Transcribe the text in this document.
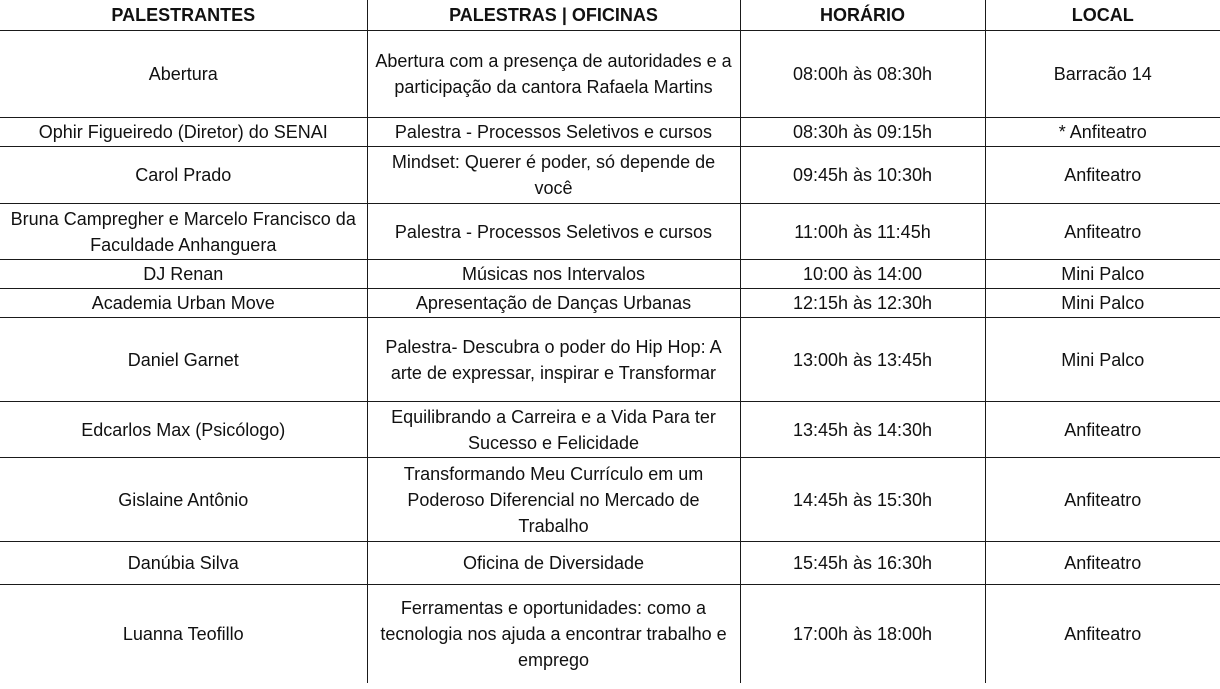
PALESTRANTES	PALESTRAS | OFICINAS	HORÁRIO	LOCAL
Abertura	Abertura com a presença de autoridades e a participação da cantora Rafaela Martins	08:00h às 08:30h	Barracão 14
Ophir Figueiredo (Diretor) do SENAI	Palestra - Processos Seletivos e cursos	08:30h às 09:15h	* Anfiteatro
Carol Prado	Mindset: Querer é poder, só depende de você	09:45h às 10:30h	Anfiteatro
Bruna Campregher e Marcelo Francisco da Faculdade Anhanguera	Palestra - Processos Seletivos e cursos	11:00h às 11:45h	Anfiteatro
DJ Renan	Músicas nos Intervalos	10:00 às 14:00	Mini Palco
Academia Urban Move	Apresentação de Danças Urbanas	12:15h às 12:30h	Mini Palco
Daniel Garnet	Palestra- Descubra o poder do Hip Hop: A arte de expressar, inspirar e Transformar	13:00h às 13:45h	Mini Palco
Edcarlos Max (Psicólogo)	Equilibrando a Carreira e a Vida Para ter Sucesso e Felicidade	13:45h às 14:30h	Anfiteatro
Gislaine Antônio	Transformando Meu Currículo em um Poderoso Diferencial no Mercado de Trabalho	14:45h às 15:30h	Anfiteatro
Danúbia Silva	Oficina de Diversidade	15:45h às 16:30h	Anfiteatro
Luanna Teofillo	Ferramentas e oportunidades: como a tecnologia nos ajuda a encontrar trabalho e emprego	17:00h às 18:00h	Anfiteatro
